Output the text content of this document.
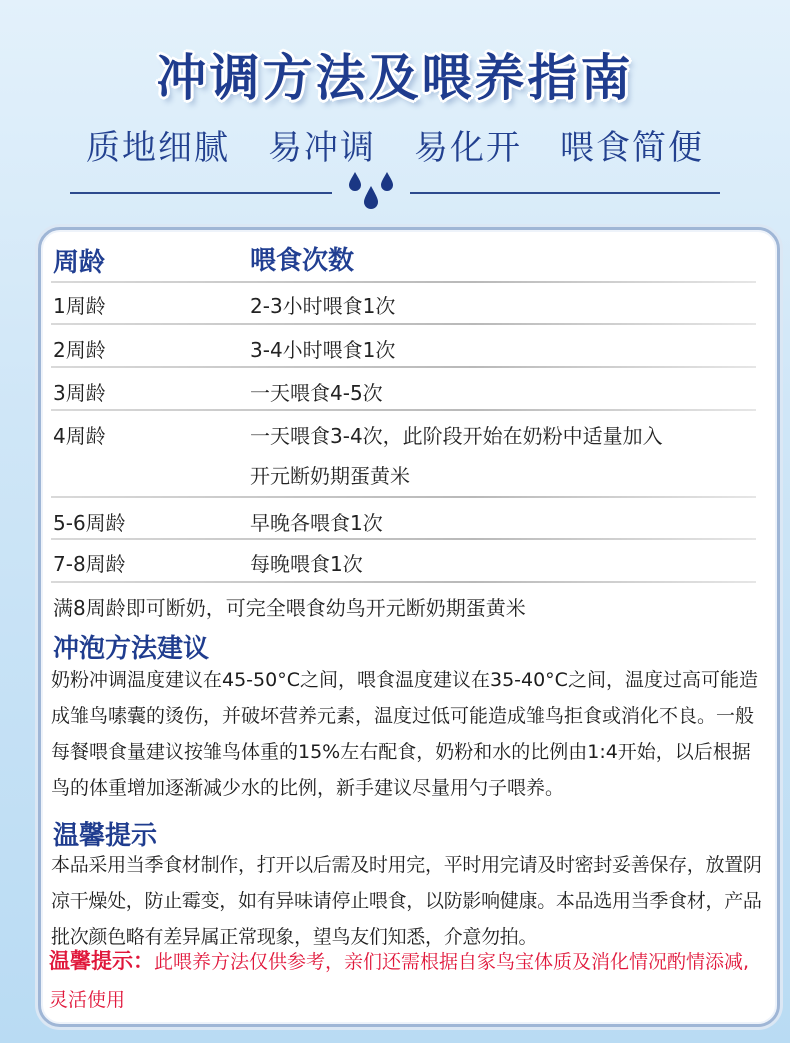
冲调方法及喂养指南
质地细腻 易冲调 易化开 喂食简便
周龄	喂食次数
1周龄	2-3小时喂食1次
2周龄	3-4小时喂食1次
3周龄	一天喂食4-5次
4周龄	一天喂食3-4次，此阶段开始在奶粉中适量加入
开元断奶期蛋黄米
5-6周龄	早晚各喂食1次
7-8周龄	每晚喂食1次
满8周龄即可断奶，可完全喂食幼鸟开元断奶期蛋黄米
冲泡方法建议
奶粉冲调温度建议在45-50°C之间，喂食温度建议在35-40°C之间，温度过高可能造成雏鸟嗉囊的烫伤，并破坏营养元素，温度过低可能造成雏鸟拒食或消化不良。一般每餐喂食量建议按雏鸟体重的15%左右配食，奶粉和水的比例由1:4开始，以后根据鸟的体重增加逐渐减少水的比例，新手建议尽量用勺子喂养。
温馨提示
本品采用当季食材制作，打开以后需及时用完，平时用完请及时密封妥善保存，放置阴凉干燥处，防止霉变，如有异味请停止喂食，以防影响健康。本品选用当季食材，产品批次颜色略有差异属正常现象，望鸟友们知悉，介意勿拍。
温馨提示：此喂养方法仅供参考，亲们还需根据自家鸟宝体质及消化情况酌情添减,灵活使用
